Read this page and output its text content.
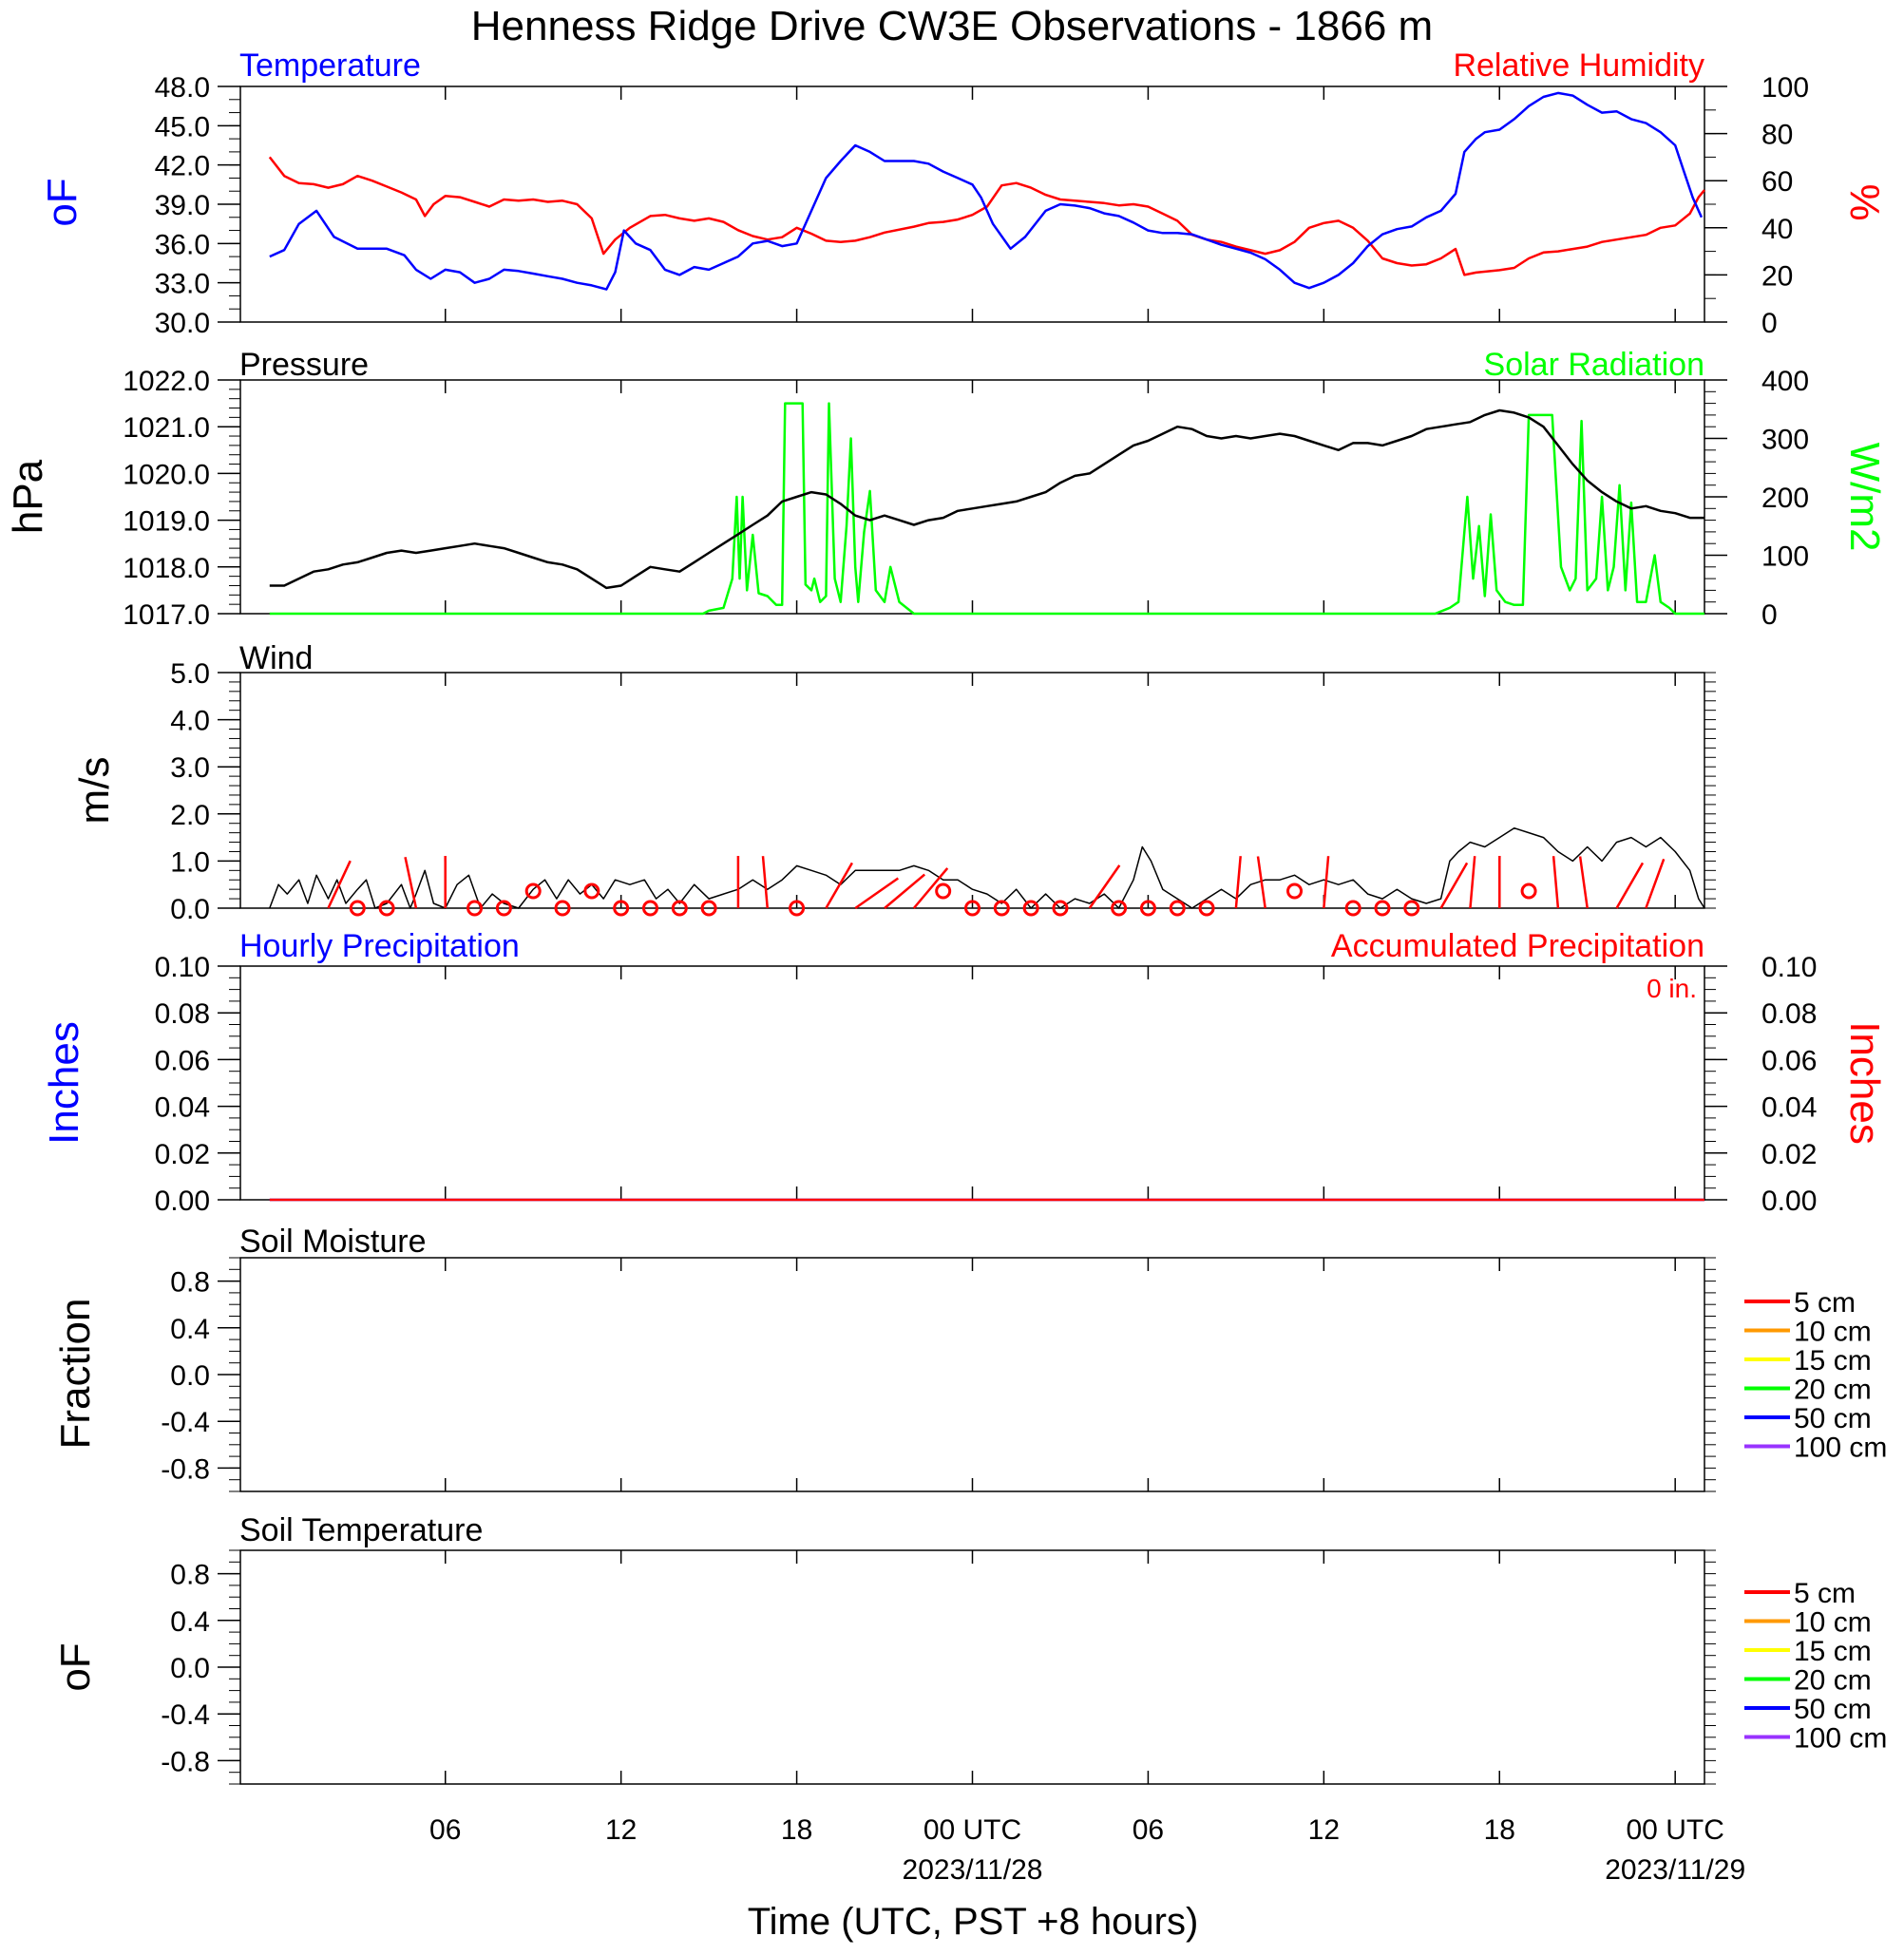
Henness Ridge Drive CW3E Observations - 1866 m
Temperature	Relative Humidity
oF	%
Pressure	Solar Radiation
hPa	W/m2
Wind
m/s
Hourly Precipitation	Accumulated Precipitation
0 in.
Inches	Inches
Soil Moisture
Fraction
Soil Temperature
oF
Time (UTC, PST +8 hours)
30.0
33.0
36.0
39.0
42.0
45.0
48.0
0
20
40
60
80
100
1017.0
1018.0
1019.0
1020.0
1021.0
1022.0
0
100
200
300
400
0.0
1.0
2.0
3.0
4.0
5.0
0.00
0.02
0.04
0.06
0.08
0.10
0.00
0.02
0.04
0.06
0.08
0.10
-0.8
-0.4
0.0
0.4
0.8
5 cm
10 cm
15 cm
20 cm
50 cm
100 cm
-0.8
-0.4
0.0
0.4
0.8
5 cm
10 cm
15 cm
20 cm
50 cm
100 cm
06	12	18	00 UTC
2023/11/28
06	12	18	00 UTC
2023/11/29
